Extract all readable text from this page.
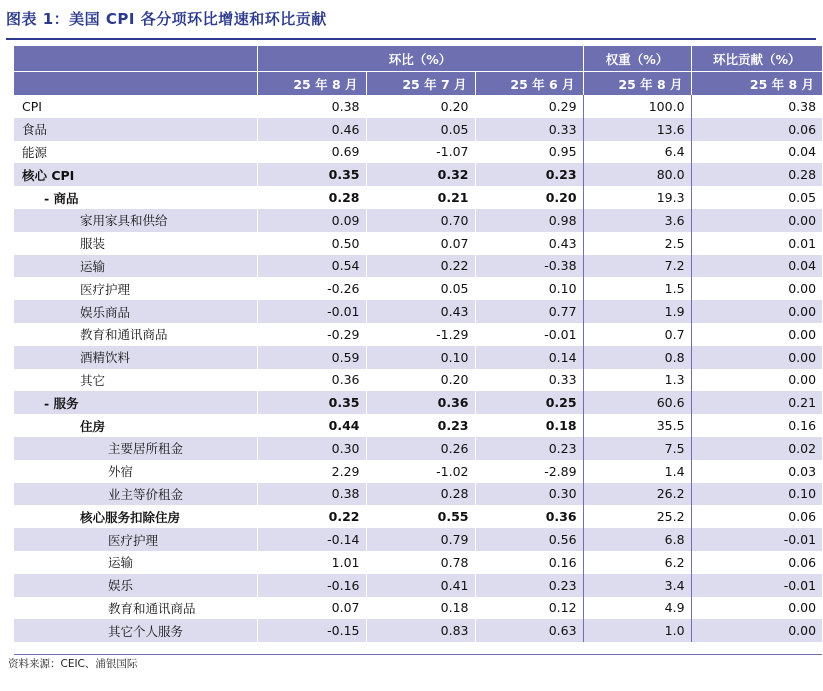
图表 1：美国 CPI 各分项环比增速和环比贡献
	环比（%）			权重（%）	环比贡献（%）
	25 年 8 月	25 年 7 月	25 年 6 月	25 年 8 月	25 年 8 月
CPI	0.38	0.20	0.29	100.0	0.38
食品	0.46	0.05	0.33	13.6	0.06
能源	0.69	-1.07	0.95	6.4	0.04
核心 CPI	0.35	0.32	0.23	80.0	0.28
- 商品	0.28	0.21	0.20	19.3	0.05
家用家具和供给	0.09	0.70	0.98	3.6	0.00
服装	0.50	0.07	0.43	2.5	0.01
运输	0.54	0.22	-0.38	7.2	0.04
医疗护理	-0.26	0.05	0.10	1.5	0.00
娱乐商品	-0.01	0.43	0.77	1.9	0.00
教育和通讯商品	-0.29	-1.29	-0.01	0.7	0.00
酒精饮料	0.59	0.10	0.14	0.8	0.00
其它	0.36	0.20	0.33	1.3	0.00
- 服务	0.35	0.36	0.25	60.6	0.21
住房	0.44	0.23	0.18	35.5	0.16
主要居所租金	0.30	0.26	0.23	7.5	0.02
外宿	2.29	-1.02	-2.89	1.4	0.03
业主等价租金	0.38	0.28	0.30	26.2	0.10
核心服务扣除住房	0.22	0.55	0.36	25.2	0.06
医疗护理	-0.14	0.79	0.56	6.8	-0.01
运输	1.01	0.78	0.16	6.2	0.06
娱乐	-0.16	0.41	0.23	3.4	-0.01
教育和通讯商品	0.07	0.18	0.12	4.9	0.00
其它个人服务	-0.15	0.83	0.63	1.0	0.00
资料来源：CEIC、浦银国际
